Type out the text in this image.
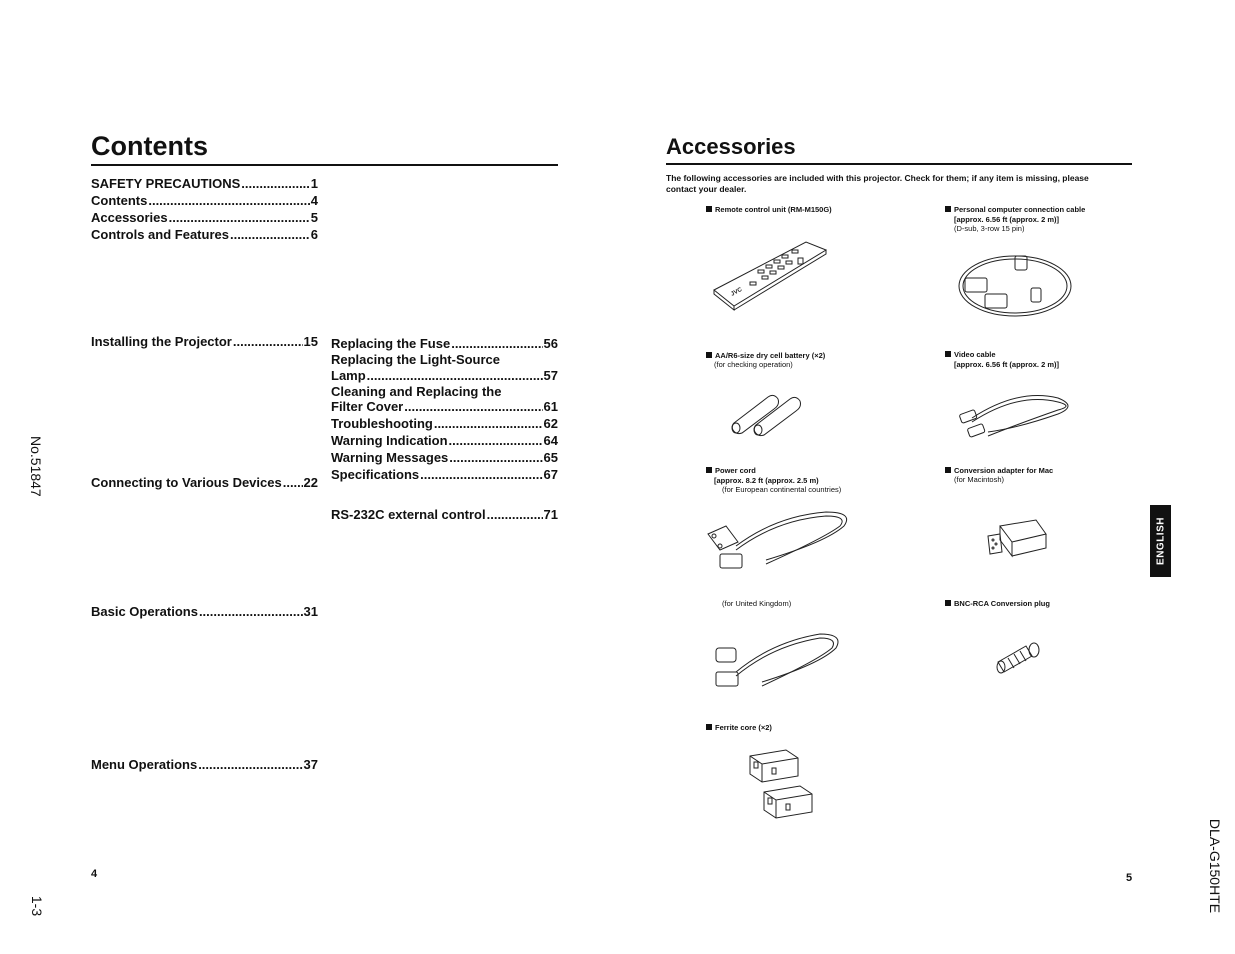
Contents
SAFETY PRECAUTIONS .....	1
Contents .....	4
Accessories .....	5
Controls and Features .....	6
Installing the Projector .....	15
Connecting to Various Devices ..... 22
Basic Operations .....	31
Menu Operations .....	37
Replacing the Fuse .....	56
Replacing the Light-Source
Lamp .....	57
Cleaning and Replacing the
Filter Cover .....	61
Troubleshooting .....	62
Warning Indication .....	64
Warning Messages .....	65
Specifications .....	67
RS-232C external control .....	71
4
No.51847
1-3
Accessories
The following accessories are included with this projector. Check for them; if any item is missing, please contact your dealer.
Remote control unit (RM-M150G)
JVC
Personal computer connection cable
[approx. 6.56 ft (approx. 2 m)]
(D-sub, 3-row 15 pin)
AA/R6-size dry cell battery (×2)
(for checking operation)
Video cable
[approx. 6.56 ft (approx. 2 m)]
Power cord
[approx. 8.2 ft (approx. 2.5 m)
(for European continental countries)
Conversion adapter for Mac
(for Macintosh)
(for United Kingdom)	BNC-RCA Conversion plug
Ferrite core (×2)
ENGLISH
5	DLA-G150HTE
